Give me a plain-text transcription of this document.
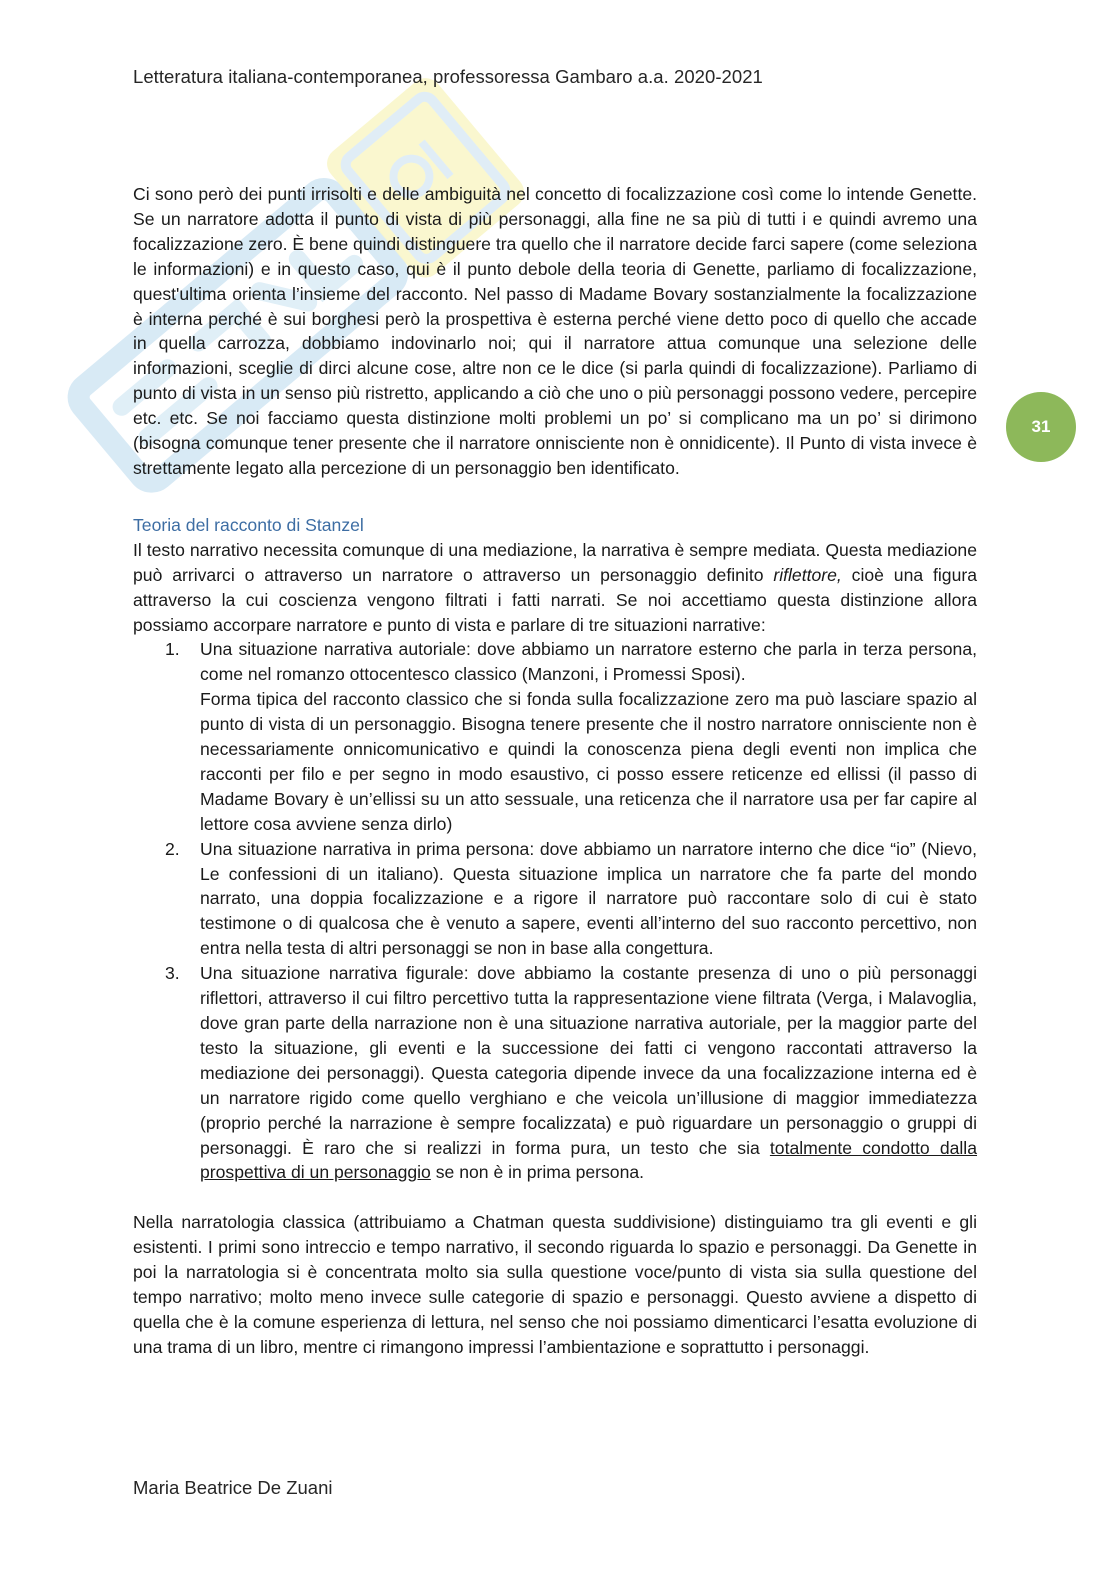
Letteratura italiana-contemporanea, professoressa Gambaro a.a. 2020-2021
31

Ci sono però dei punti irrisolti e delle ambiguità nel concetto di focalizzazione così come lo intende Genette. Se un narratore adotta il punto di vista di più personaggi, alla fine ne sa più di tutti i e quindi avremo una focalizzazione zero. È bene quindi distinguere tra quello che il narratore decide farci sapere (come seleziona le informazioni) e in questo caso, qui è il punto debole della teoria di Genette, parliamo di focalizzazione, quest'ultima orienta l’insieme del racconto. Nel passo di Madame Bovary sostanzialmente la focalizzazione è interna perché è sui borghesi però la prospettiva è esterna perché viene detto poco di quello che accade in quella carrozza, dobbiamo indovinarlo noi; qui il narratore attua comunque una selezione delle informazioni, sceglie di dirci alcune cose, altre non ce le dice (si parla quindi di focalizzazione). Parliamo di punto di vista in un senso più ristretto, applicando a ciò che uno o più personaggi possono vedere, percepire etc. etc. Se noi facciamo questa distinzione molti problemi un po’ si complicano ma un po’ si dirimono (bisogna comunque tener presente che il narratore onnisciente non è onnidicente). Il Punto di vista invece è strettamente legato alla percezione di un personaggio ben identificato.

Teoria del racconto di Stanzel

Il testo narrativo necessita comunque di una mediazione, la narrativa è sempre mediata. Questa mediazione può arrivarci o attraverso un narratore o attraverso un personaggio definito riflettore, cioè una figura attraverso la cui coscienza vengono filtrati i fatti narrati. Se noi accettiamo questa distinzione allora possiamo accorpare narratore e punto di vista e parlare di tre situazioni narrative:

Una situazione narrativa autoriale: dove abbiamo un narratore esterno che parla in terza persona, come nel romanzo ottocentesco classico (Manzoni, i Promessi Sposi).
Forma tipica del racconto classico che si fonda sulla focalizzazione zero ma può lasciare spazio al punto di vista di un personaggio. Bisogna tenere presente che il nostro narratore onnisciente non è necessariamente onnicomunicativo e quindi la conoscenza piena degli eventi non implica che racconti per filo e per segno in modo esaustivo, ci posso essere reticenze ed ellissi (il passo di Madame Bovary è un’ellissi su un atto sessuale, una reticenza che il narratore usa per far capire al lettore cosa avviene senza dirlo)
Una situazione narrativa in prima persona: dove abbiamo un narratore interno che dice “io” (Nievo, Le confessioni di un italiano). Questa situazione implica un narratore che fa parte del mondo narrato, una doppia focalizzazione e a rigore il narratore può raccontare solo di cui è stato testimone o di qualcosa che è venuto a sapere, eventi all’interno del suo racconto percettivo, non entra nella testa di altri personaggi se non in base alla congettura.
Una situazione narrativa figurale: dove abbiamo la costante presenza di uno o più personaggi riflettori, attraverso il cui filtro percettivo tutta la rappresentazione viene filtrata (Verga, i Malavoglia, dove gran parte della narrazione non è una situazione narrativa autoriale, per la maggior parte del testo la situazione, gli eventi e la successione dei fatti ci vengono raccontati attraverso la mediazione dei personaggi). Questa categoria dipende invece da una focalizzazione interna ed è un narratore rigido come quello verghiano e che veicola un’illusione di maggior immediatezza (proprio perché la narrazione è sempre focalizzata) e può riguardare un personaggio o gruppi di personaggi. È raro che si realizzi in forma pura, un testo che sia totalmente condotto dalla prospettiva di un personaggio se non è in prima persona.

Nella narratologia classica (attribuiamo a Chatman questa suddivisione) distinguiamo tra gli eventi e gli esistenti. I primi sono intreccio e tempo narrativo, il secondo riguarda lo spazio e personaggi. Da Genette in poi la narratologia si è concentrata molto sia sulla questione voce/punto di vista sia sulla questione del tempo narrativo; molto meno invece sulle categorie di spazio e personaggi. Questo avviene a dispetto di quella che è la comune esperienza di lettura, nel senso che noi possiamo dimenticarci l’esatta evoluzione di una trama di un libro, mentre ci rimangono impressi l’ambientazione e soprattutto i personaggi.

Maria Beatrice De Zuani
